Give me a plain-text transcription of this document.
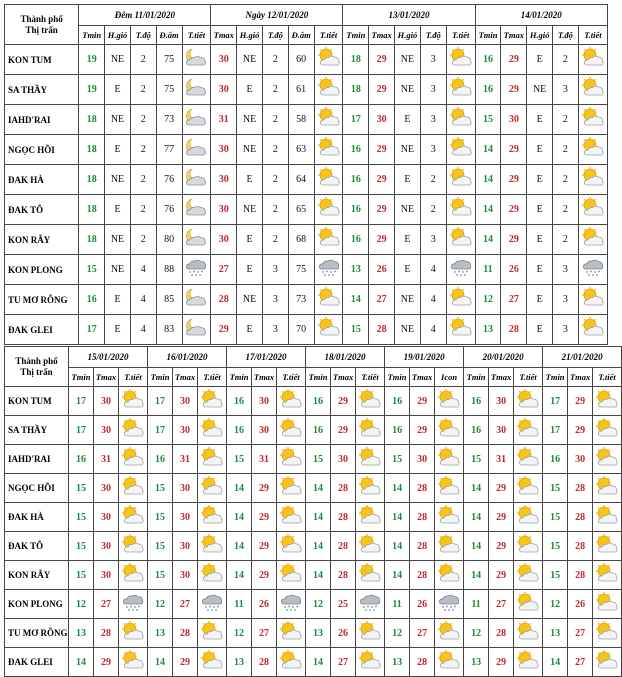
Thành phố
Thị trấn	Đêm 11/01/2020					Ngày 12/01/2020					13/01/2020					14/01/2020				
	Tmin	H.gió	T.độ	Đ.ẩm	T.tiết	Tmax	H.gió	T.độ	Đ.ẩm	T.tiết	Tmin	Tmax	H.gió	T.độ	T.tiết	Tmin	Tmax	H.gió	T.độ	T.tiết
KON TUM	19	NE	2	75		30	NE	2	60		18	29	NE	3		16	29	E	2	
SA THẦY	19	E	2	75		30	E	2	61		18	29	NE	3		16	29	NE	3	
IAHD'RAI	18	NE	2	73		31	NE	2	58		17	30	E	3		15	30	E	2	
NGỌC HỒI	18	E	2	77		30	NE	2	63		16	29	NE	3		14	29	E	2	
ĐAK HÀ	18	NE	2	76		30	E	2	64		16	29	E	2		14	29	E	2	
ĐAK TÔ	18	E	2	76		30	NE	2	65		16	29	NE	2		14	29	E	2	
KON RẪY	18	NE	2	80		30	E	2	68		16	29	E	3		14	29	E	2	
KON PLONG	15	NE	4	88		27	E	3	75		13	26	E	4		11	26	E	3	
TU MƠ RÔNG	16	E	4	85		28	NE	3	73		14	27	NE	4		12	27	E	3	
ĐAK GLEI	17	E	4	83		29	E	3	70		15	28	NE	4		13	28	E	3	
Thành phố
Thị trấn	15/01/2020			16/01/2020			17/01/2020			18/01/2020			19/01/2020			20/01/2020			21/01/2020		
	Tmin	Tmax	T.tiết	Tmin	Tmax	T.tiết	Tmin	Tmax	T.tiết	Tmin	Tmax	T.tiết	Tmin	Tmax	Icon	Tmin	Tmax	T.tiết	Tmin	Tmax	T.tiết
KON TUM	17	30		17	30		16	30		16	29		16	29		16	30		17	29	
SA THẦY	17	30		17	30		16	30		16	29		16	29		16	30		17	29	
IAHD'RAI	16	31		16	31		15	31		15	30		15	30		15	31		16	30	
NGỌC HỒI	15	30		15	30		14	29		14	28		14	28		14	29		15	28	
ĐAK HÀ	15	30		15	30		14	29		14	28		14	28		14	29		15	28	
ĐAK TÔ	15	30		15	30		14	29		14	28		14	28		14	29		15	28	
KON RẪY	15	30		15	30		14	29		14	28		14	28		14	29		15	28	
KON PLONG	12	27		12	27		11	26		12	25		11	26		11	27		12	26	
TU MƠ RÔNG	13	28		13	28		12	27		13	26		12	27		12	28		13	27	
ĐAK GLEI	14	29		14	29		13	28		14	27		13	28		13	29		14	27	
